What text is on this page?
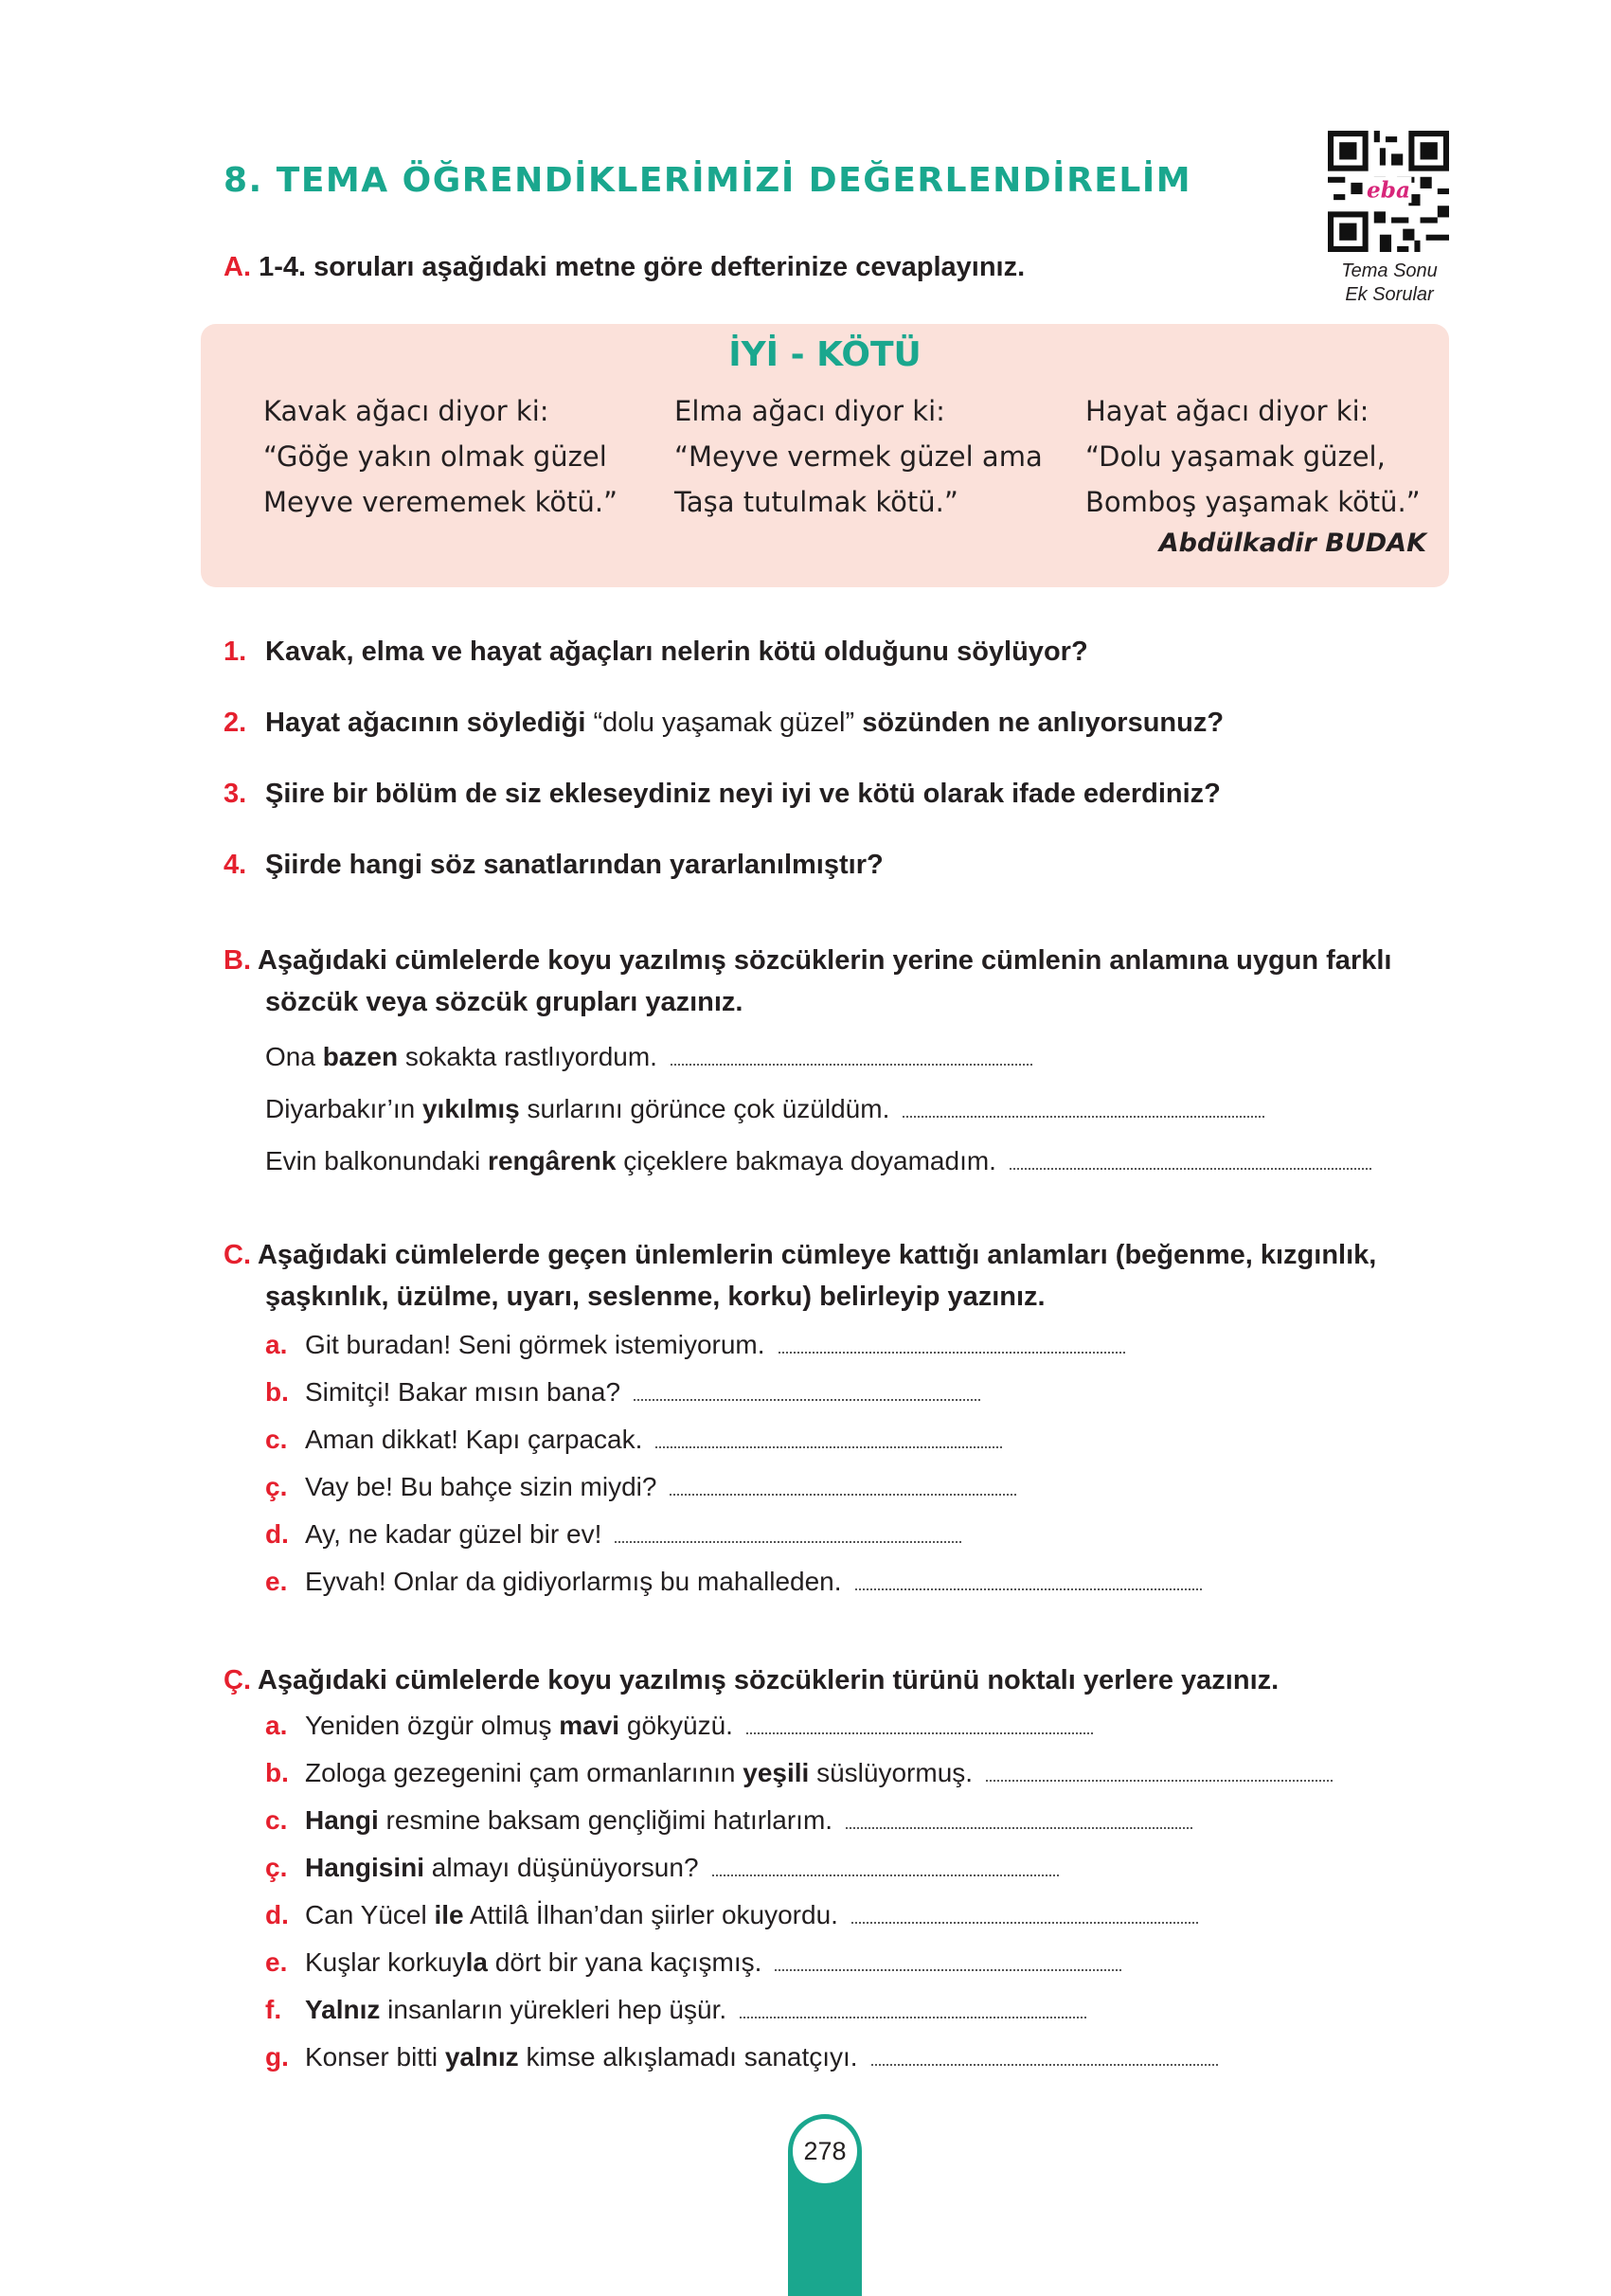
8. TEMA ÖĞRENDİKLERİMİZİ DEĞERLENDİRELİM	eba
Tema Sonu
Ek Sorular
A. 1-4. soruları aşağıdaki metne göre defterinize cevaplayınız.
İYİ - KÖTÜ
Kavak ağacı diyor ki:
“Göğe yakın olmak güzel
Meyve verememek kötü.”
Elma ağacı diyor ki:
“Meyve vermek güzel ama
Taşa tutulmak kötü.”
Hayat ağacı diyor ki:
“Dolu yaşamak güzel,
Bomboş yaşamak kötü.”
Abdülkadir BUDAK
1. Kavak, elma ve hayat ağaçları nelerin kötü olduğunu söylüyor?
2. Hayat ağacının söylediği “dolu yaşamak güzel” sözünden ne anlıyorsunuz?
3. Şiire bir bölüm de siz ekleseydiniz neyi iyi ve kötü olarak ifade ederdiniz?
4. Şiirde hangi söz sanatlarından yararlanılmıştır?
B. Aşağıdaki cümlelerde koyu yazılmış sözcüklerin yerine cümlenin anlamına uygun farklı
sözcük veya sözcük grupları yazınız.
Ona bazen sokakta rastlıyordum.
Diyarbakır’ın yıkılmış surlarını görünce çok üzüldüm.
Evin balkonundaki rengârenk çiçeklere bakmaya doyamadım.
C. Aşağıdaki cümlelerde geçen ünlemlerin cümleye kattığı anlamları (beğenme, kızgınlık,
şaşkınlık, üzülme, uyarı, seslenme, korku) belirleyip yazınız.
a. Git buradan! Seni görmek istemiyorum.
b. Simitçi! Bakar mısın bana?
c. Aman dikkat! Kapı çarpacak.
ç. Vay be! Bu bahçe sizin miydi?
d. Ay, ne kadar güzel bir ev!
e. Eyvah! Onlar da gidiyorlarmış bu mahalleden.
Ç. Aşağıdaki cümlelerde koyu yazılmış sözcüklerin türünü noktalı yerlere yazınız.
a. Yeniden özgür olmuş mavi gökyüzü.
b. Zologa gezegenini çam ormanlarının yeşili süslüyormuş.
c. Hangi resmine baksam gençliğimi hatırlarım.
ç. Hangisini almayı düşünüyorsun?
d. Can Yücel ile Attilâ İlhan’dan şiirler okuyordu.
e. Kuşlar korkuyla dört bir yana kaçışmış.
f. Yalnız insanların yürekleri hep üşür.
g. Konser bitti yalnız kimse alkışlamadı sanatçıyı.
278
